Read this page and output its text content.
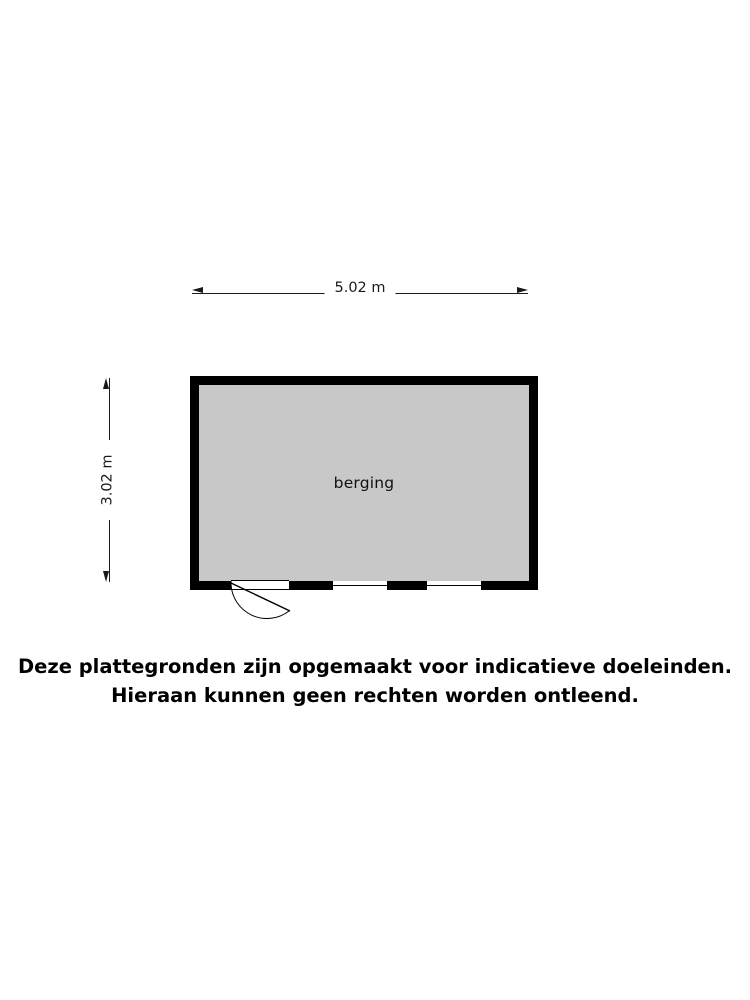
5.02 m
3.02 m	berging
Deze plattegronden zijn opgemaakt voor indicatieve doeleinden.
Hieraan kunnen geen rechten worden ontleend.
